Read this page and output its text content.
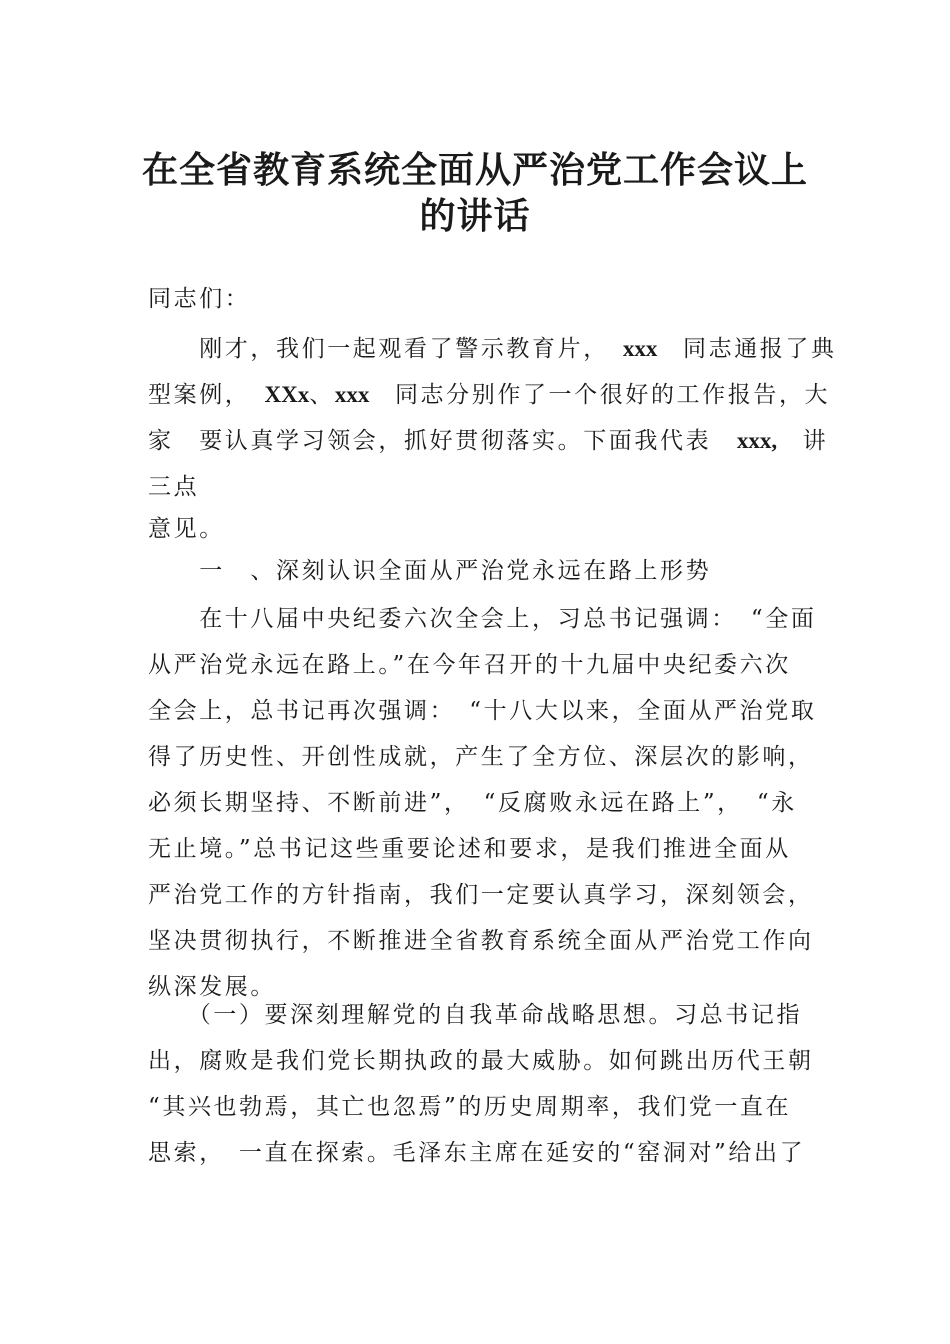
在全省教育系统全面从严治党工作会议上
的讲话

同志们：

　　刚才，我们一起观看了警示教育片，　xxx　同志通报了典
型案例，　XXx、xxx　同志分别作了一个很好的工作报告，大
家　要认真学习领会，抓好贯彻落实。下面我代表　xxx,　讲
三点

意见。

　　一　、深刻认识全面从严治党永远在路上形势

　　在十八届中央纪委六次全会上，习总书记强调：　“全面
从严治党永远在路上。”在今年召开的十九届中央纪委六次
全会上，总书记再次强调：　“十八大以来，全面从严治党取
得了历史性、开创性成就，产生了全方位、深层次的影响，
必须长期坚持、不断前进”，　“反腐败永远在路上”，　“永
无止境。”总书记这些重要论述和要求，是我们推进全面从
严治党工作的方针指南，我们一定要认真学习，深刻领会，
坚决贯彻执行，不断推进全省教育系统全面从严治党工作向
纵深发展。

　　（一）要深刻理解党的自我革命战略思想。习总书记指
出，腐败是我们党长期执政的最大威胁。如何跳出历代王朝
“其兴也勃焉，其亡也忽焉”的历史周期率，我们党一直在
思索，　一直在探索。毛泽东主席在延安的“窑洞对”给出了
